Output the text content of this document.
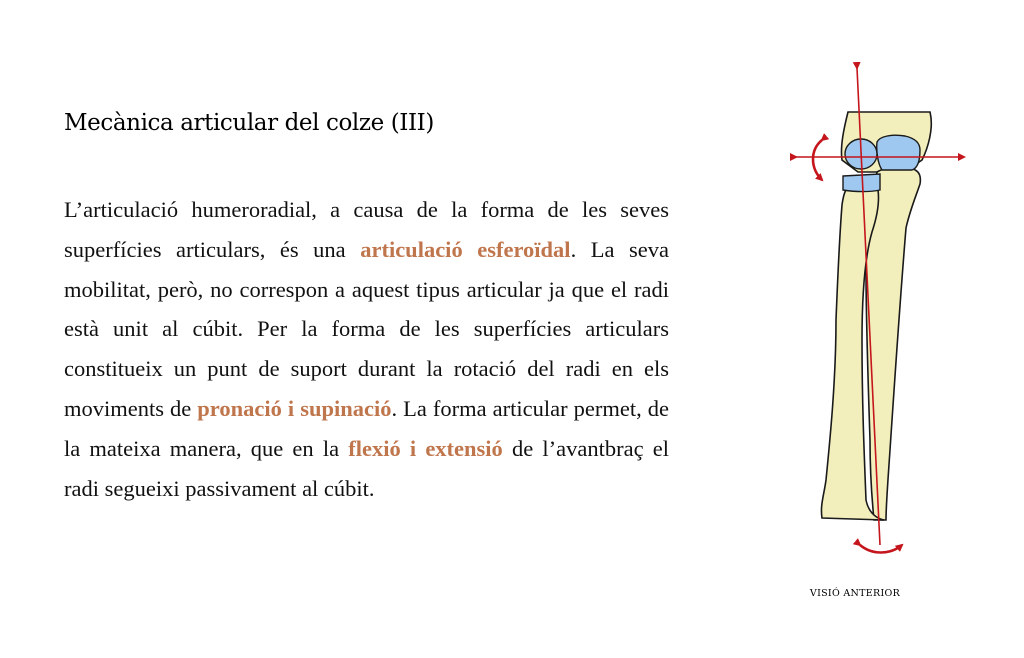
Mecànica articular del colze (III)

L’articulació humeroradial, a causa de la forma de les seves superfícies articulars, és una articulació esferoïdal. La seva mobilitat, però, no correspon a aquest tipus articular ja que el radi està unit al cúbit. Per la forma de les superfícies articulars constitueix un punt de suport durant la rotació del radi en els moviments de pronació i supinació. La forma articular permet, de la mateixa manera, que en la flexió i extensió de l’avantbraç el radi segueixi passivament al cúbit.

VISIÓ ANTERIOR
